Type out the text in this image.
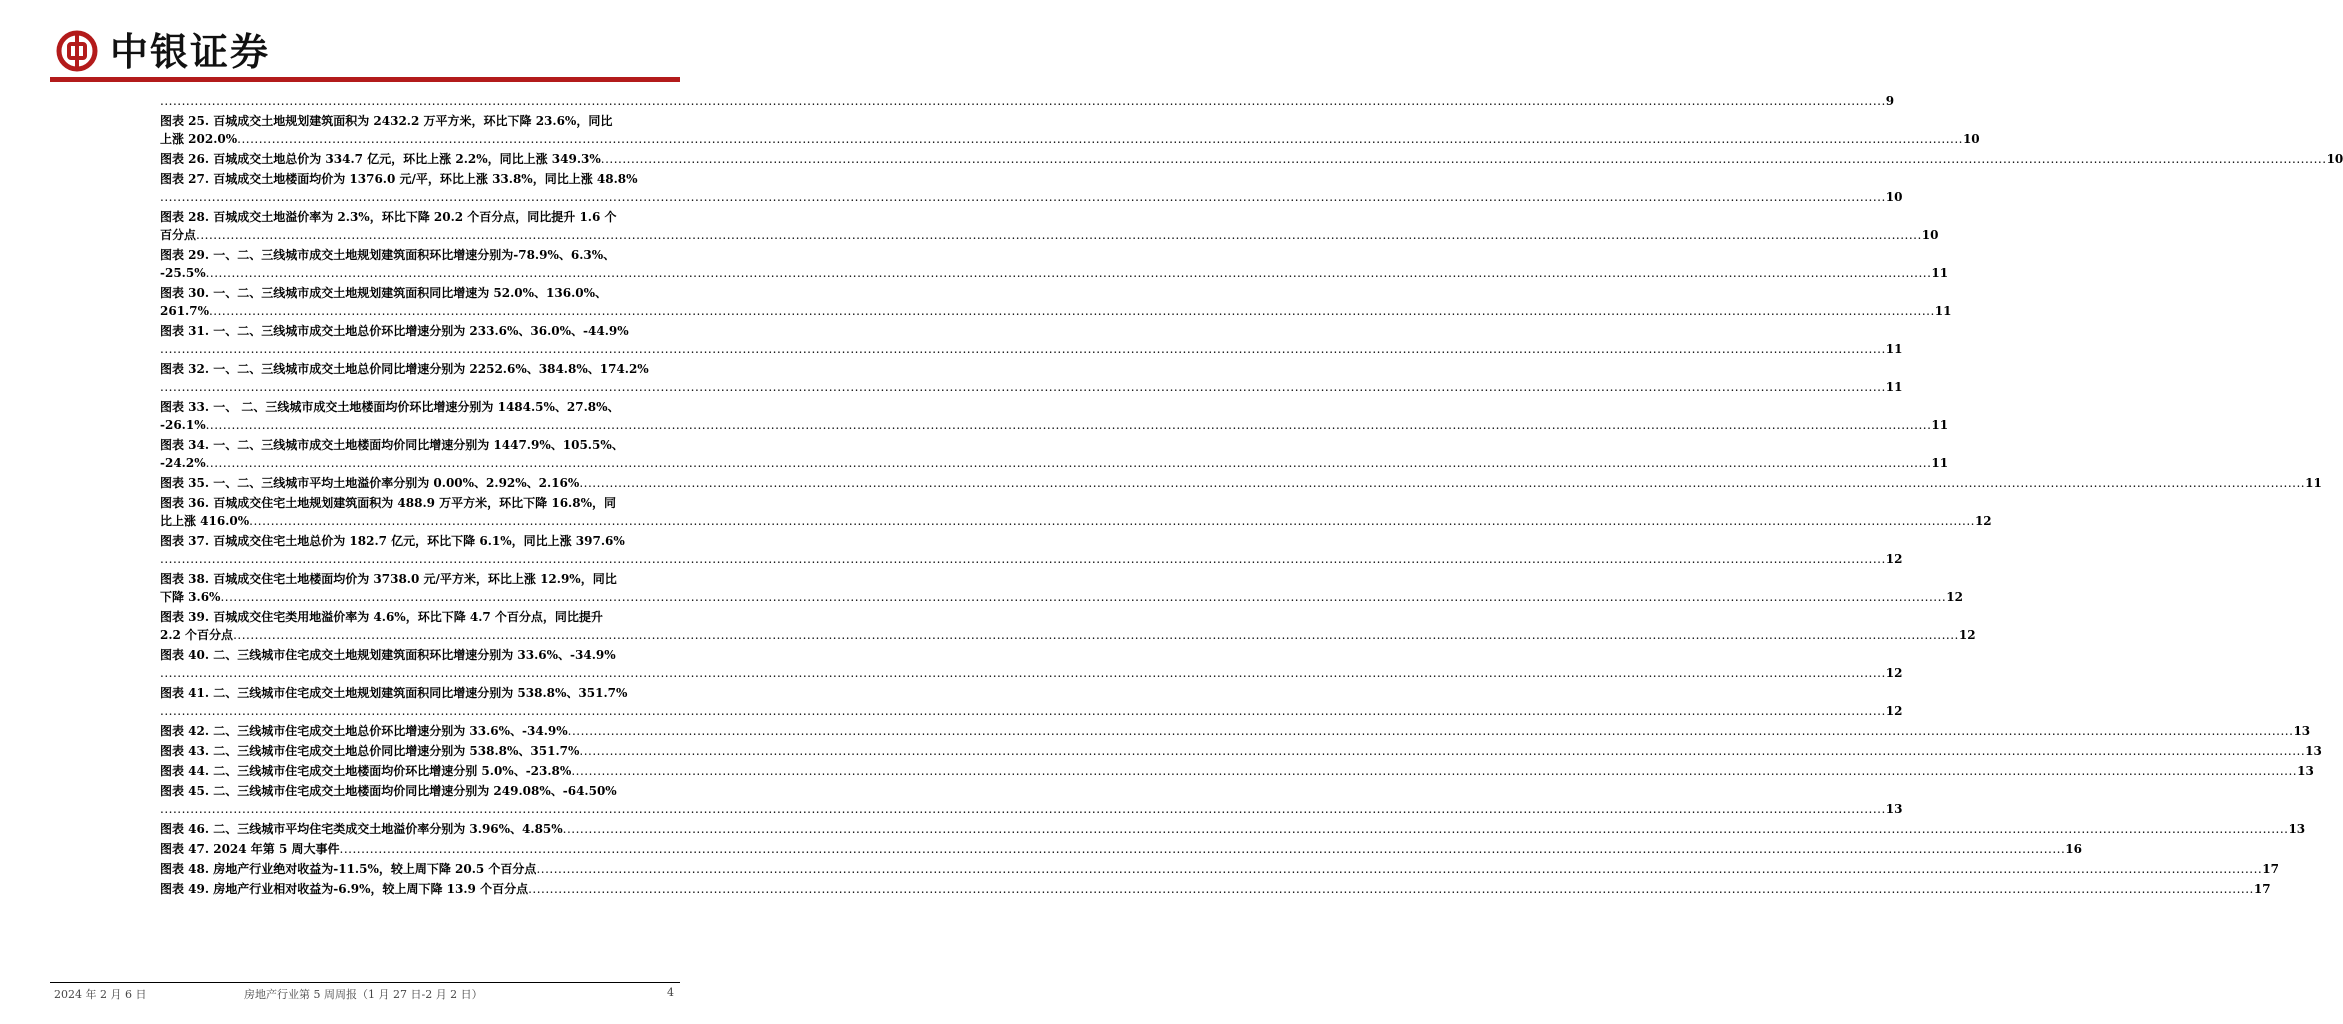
中银证券
................................................................................................................................................................................................................................................................................................................................................................................................................ 9
图表 25. 百城成交土地规划建筑面积为 2432.2 万平方米，环比下降 23.6%，同比
上涨 202.0% ................................................................................................................................................................................................................................................................................................................................................................................................................ 10
图表 26. 百城成交土地总价为 334.7 亿元，环比上涨 2.2%，同比上涨 349.3% ................................................................................................................................................................................................................................................................................................................................................................................................................ 10
图表 27. 百城成交土地楼面均价为 1376.0 元/平，环比上涨 33.8%，同比上涨 48.8%
................................................................................................................................................................................................................................................................................................................................................................................................................ 10
图表 28. 百城成交土地溢价率为 2.3%，环比下降 20.2 个百分点，同比提升 1.6 个
百分点 ................................................................................................................................................................................................................................................................................................................................................................................................................ 10
图表 29. 一、二、三线城市成交土地规划建筑面积环比增速分别为-78.9%、6.3%、
-25.5% ................................................................................................................................................................................................................................................................................................................................................................................................................ 11
图表 30. 一、二、三线城市成交土地规划建筑面积同比增速为 52.0%、136.0%、
261.7% ................................................................................................................................................................................................................................................................................................................................................................................................................ 11
图表 31. 一、二、三线城市成交土地总价环比增速分别为 233.6%、36.0%、-44.9%
................................................................................................................................................................................................................................................................................................................................................................................................................ 11
图表 32. 一、二、三线城市成交土地总价同比增速分别为 2252.6%、384.8%、174.2%
................................................................................................................................................................................................................................................................................................................................................................................................................ 11
图表 33. 一、 二、三线城市成交土地楼面均价环比增速分别为 1484.5%、27.8%、
-26.1% ................................................................................................................................................................................................................................................................................................................................................................................................................ 11
图表 34. 一、二、三线城市成交土地楼面均价同比增速分别为 1447.9%、105.5%、
-24.2% ................................................................................................................................................................................................................................................................................................................................................................................................................ 11
图表 35. 一、二、三线城市平均土地溢价率分别为 0.00%、2.92%、2.16% ................................................................................................................................................................................................................................................................................................................................................................................................................ 11
图表 36. 百城成交住宅土地规划建筑面积为 488.9 万平方米，环比下降 16.8%，同
比上涨 416.0% ................................................................................................................................................................................................................................................................................................................................................................................................................ 12
图表 37. 百城成交住宅土地总价为 182.7 亿元，环比下降 6.1%，同比上涨 397.6%
................................................................................................................................................................................................................................................................................................................................................................................................................ 12
图表 38. 百城成交住宅土地楼面均价为 3738.0 元/平方米，环比上涨 12.9%，同比
下降 3.6% ................................................................................................................................................................................................................................................................................................................................................................................................................ 12
图表 39. 百城成交住宅类用地溢价率为 4.6%，环比下降 4.7 个百分点，同比提升
2.2 个百分点 ................................................................................................................................................................................................................................................................................................................................................................................................................ 12
图表 40. 二、三线城市住宅成交土地规划建筑面积环比增速分别为 33.6%、-34.9%
................................................................................................................................................................................................................................................................................................................................................................................................................ 12
图表 41. 二、三线城市住宅成交土地规划建筑面积同比增速分别为 538.8%、351.7%
................................................................................................................................................................................................................................................................................................................................................................................................................ 12
图表 42. 二、三线城市住宅成交土地总价环比增速分别为 33.6%、-34.9% ................................................................................................................................................................................................................................................................................................................................................................................................................ 13
图表 43. 二、三线城市住宅成交土地总价同比增速分别为 538.8%、351.7% ................................................................................................................................................................................................................................................................................................................................................................................................................ 13
图表 44. 二、三线城市住宅成交土地楼面均价环比增速分别 5.0%、-23.8% ................................................................................................................................................................................................................................................................................................................................................................................................................ 13
图表 45. 二、三线城市住宅成交土地楼面均价同比增速分别为 249.08%、-64.50%
................................................................................................................................................................................................................................................................................................................................................................................................................ 13
图表 46. 二、三线城市平均住宅类成交土地溢价率分别为 3.96%、4.85% ................................................................................................................................................................................................................................................................................................................................................................................................................ 13
图表 47. 2024 年第 5 周大事件 ................................................................................................................................................................................................................................................................................................................................................................................................................ 16
图表 48. 房地产行业绝对收益为-11.5%，较上周下降 20.5 个百分点 ................................................................................................................................................................................................................................................................................................................................................................................................................ 17
图表 49. 房地产行业相对收益为-6.9%，较上周下降 13.9 个百分点 ................................................................................................................................................................................................................................................................................................................................................................................................................ 17
2024 年 2 月 6 日	房地产行业第 5 周周报（1 月 27 日-2 月 2 日）	4
